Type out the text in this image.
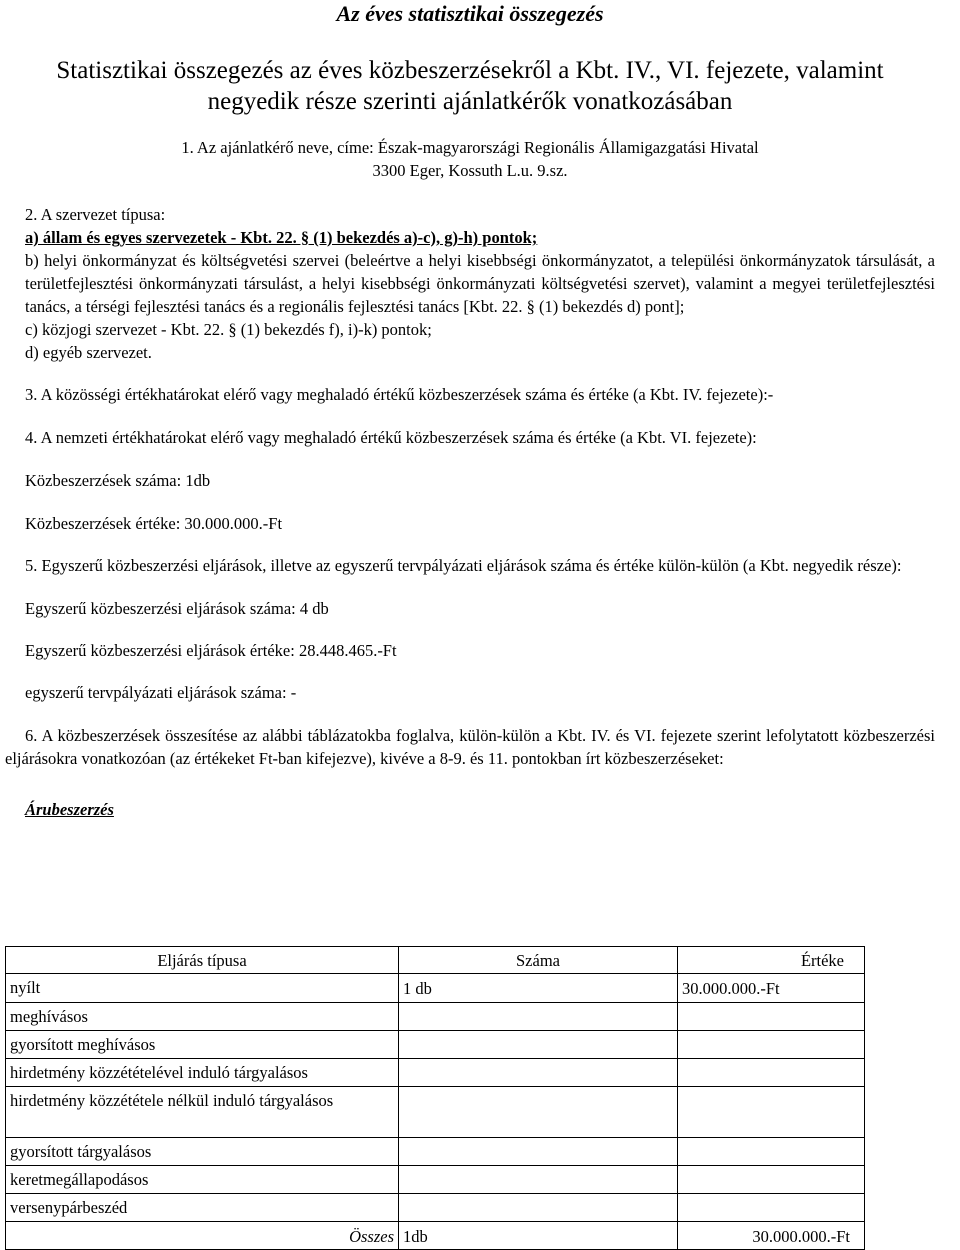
Az éves statisztikai összegezés
Statisztikai összegezés az éves közbeszerzésekről a Kbt. IV., VI. fejezete, valamint
negyedik része szerinti ajánlatkérők vonatkozásában
1. Az ajánlatkérő neve, címe: Észak-magyarországi Regionális Államigazgatási Hivatal
3300 Eger, Kossuth L.u. 9.sz.
2. A szervezet típusa:
a) állam és egyes szervezetek - Kbt. 22. § (1) bekezdés a)-c), g)-h) pontok;
b) helyi önkormányzat és költségvetési szervei (beleértve a helyi kisebbségi önkormányzatot, a települési önkormányzatok társulását, a területfejlesztési önkormányzati társulást, a helyi kisebbségi önkormányzati költségvetési szervet), valamint a megyei területfejlesztési tanács, a térségi fejlesztési tanács és a regionális fejlesztési tanács [Kbt. 22. § (1) bekezdés d) pont];
c) közjogi szervezet - Kbt. 22. § (1) bekezdés f), i)-k) pontok;
d) egyéb szervezet.
3. A közösségi értékhatárokat elérő vagy meghaladó értékű közbeszerzések száma és értéke (a Kbt. IV. fejezete):-
4. A nemzeti értékhatárokat elérő vagy meghaladó értékű közbeszerzések száma és értéke (a Kbt. VI. fejezete):
Közbeszerzések száma: 1db
Közbeszerzések értéke: 30.000.000.-Ft
5. Egyszerű közbeszerzési eljárások, illetve az egyszerű tervpályázati eljárások száma és értéke külön-külön (a Kbt. negyedik része):
Egyszerű közbeszerzési eljárások száma: 4 db
Egyszerű közbeszerzési eljárások értéke: 28.448.465.-Ft
egyszerű tervpályázati eljárások száma: -
6. A közbeszerzések összesítése az alábbi táblázatokba foglalva, külön-külön a Kbt. IV. és VI. fejezete szerint lefolytatott közbeszerzési eljárásokra vonatkozóan (az értékeket Ft-ban kifejezve), kivéve a 8-9. és 11. pontokban írt közbeszerzéseket:
Árubeszerzés
Eljárás típusa	Száma	Értéke
nyílt	1 db	30.000.000.-Ft
meghívásos		
gyorsított meghívásos		
hirdetmény közzétételével induló tárgyalásos		
hirdetmény közzététele nélkül induló tárgyalásos		
gyorsított tárgyalásos		
keretmegállapodásos		
versenypárbeszéd		
Összes	1db	30.000.000.-Ft
